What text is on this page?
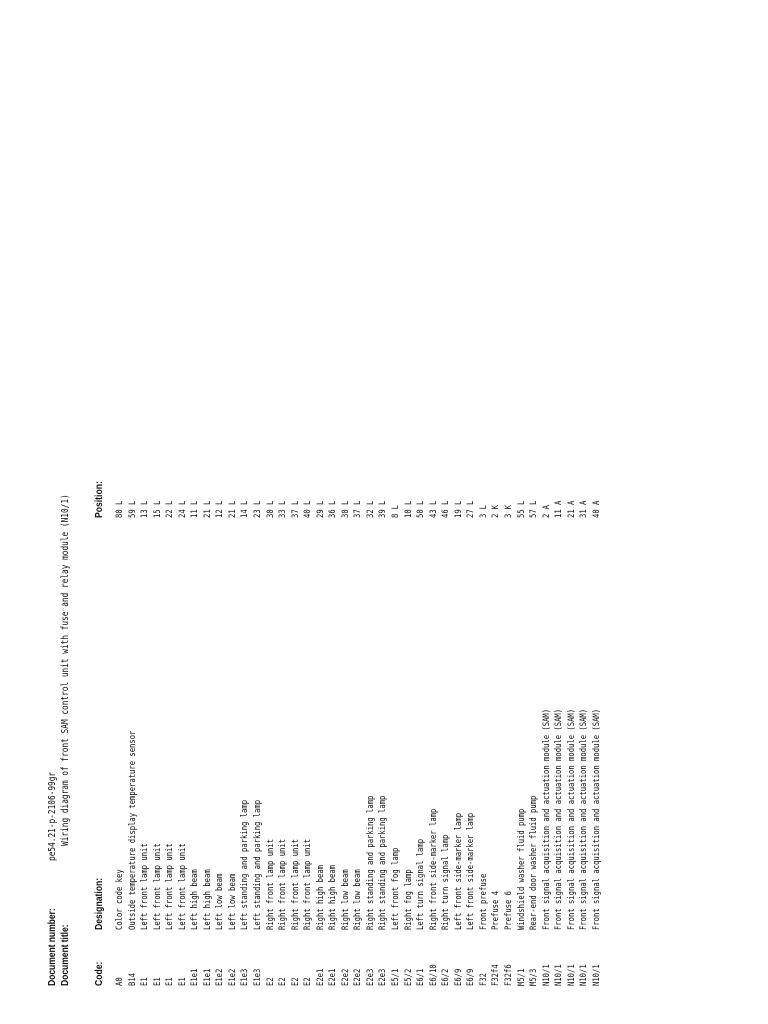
Document number:
pe54.21-p-2106-99gr
Document title:
Wiring diagram of front SAM control unit with fuse and relay module (N10/1)
Code:
Designation:
Position:
A0
Color code key
80 L
B14
Outside temperature display temperature sensor
59 L
E1
Left front lamp unit
13 L
E1
Left front lamp unit
15 L
E1
Left front lamp unit
22 L
E1
Left front lamp unit
24 L
E1e1
Left high beam
11 L
E1e1
Left high beam
21 L
E1e2
Left low beam
12 L
E1e2
Left low beam
21 L
E1e3
Left standing and parking lamp
14 L
E1e3
Left standing and parking lamp
23 L
E2
Right front lamp unit
30 L
E2
Right front lamp unit
33 L
E2
Right front lamp unit
37 L
E2
Right front lamp unit
40 L
E2e1
Right high beam
29 L
E2e1
Right high beam
36 L
E2e2
Right low beam
30 L
E2e2
Right low beam
37 L
E2e3
Right standing and parking lamp
32 L
E2e3
Right standing and parking lamp
39 L
E5/1
Left front fog lamp
8 L
E5/2
Right fog lamp
10 L
E6/1
Left turn signal lamp
50 L
E6/10
Right front side-marker lamp
43 L
E6/2
Right turn signal lamp
46 L
E6/9
Left front side-marker lamp
19 L
E6/9
Left front side-marker lamp
27 L
F32
Front prefuse
3 L
F32f4
Prefuse 4
2 K
F32f6
Prefuse 6
3 K
M5/1
Windshield washer fluid pump
55 L
M5/3
Rear-end door washer fluid pump
57 L
N10/1
Front signal acquisition and actuation module (SAM)
2 A
N10/1
Front signal acquisition and actuation module (SAM)
11 A
N10/1
Front signal acquisition and actuation module (SAM)
21 A
N10/1
Front signal acquisition and actuation module (SAM)
31 A
N10/1
Front signal acquisition and actuation module (SAM)
40 A
